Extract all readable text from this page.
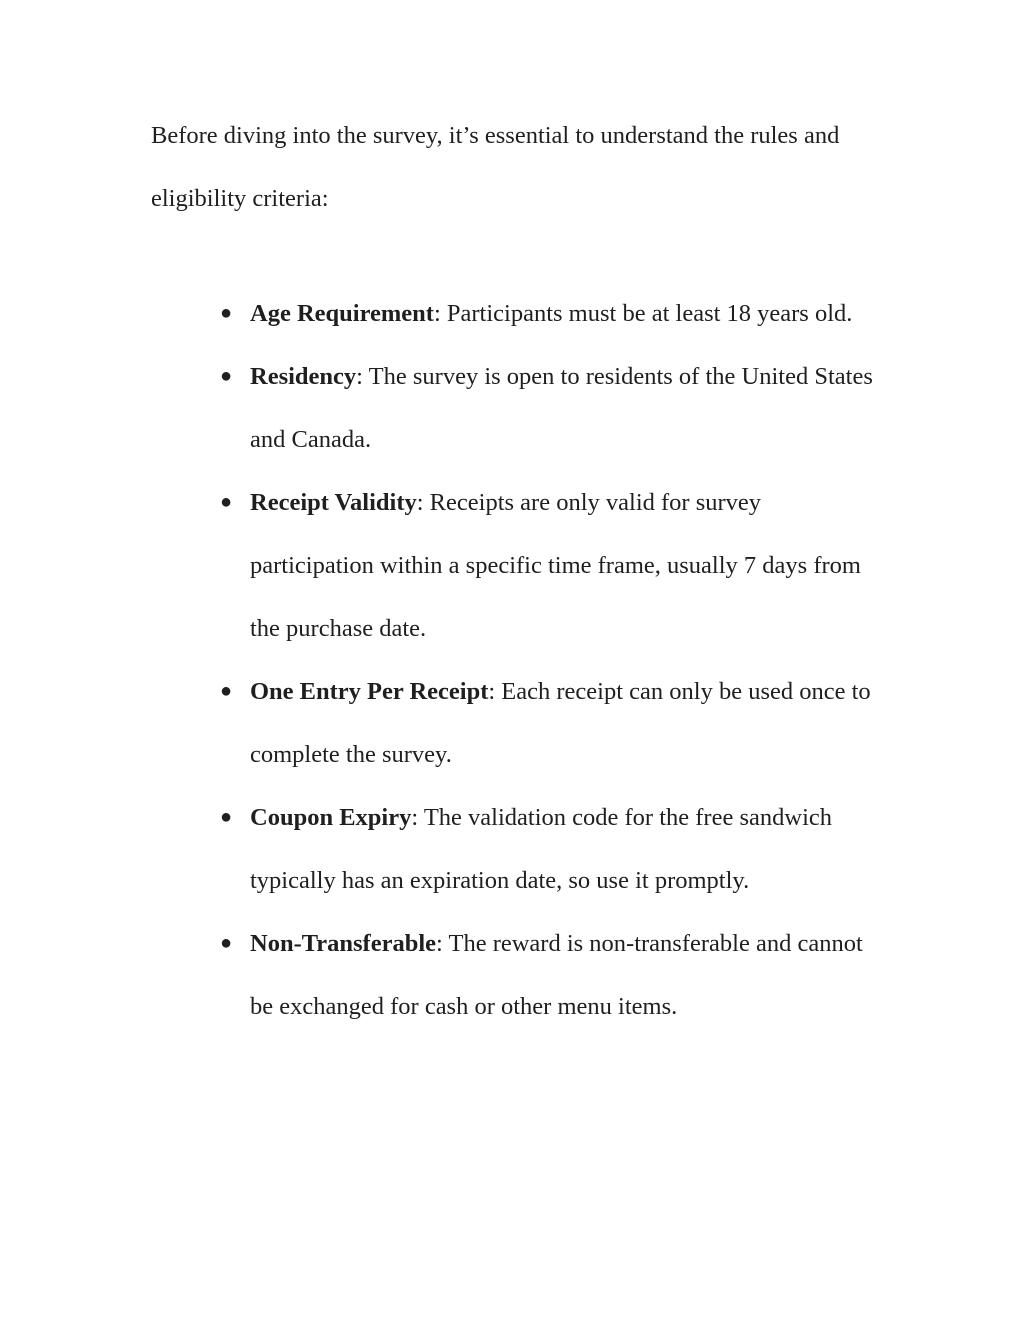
Before diving into the survey, it’s essential to understand the rules and eligibility criteria:

● Age Requirement: Participants must be at least 18 years old.
● Residency: The survey is open to residents of the United States and Canada.
● Receipt Validity: Receipts are only valid for survey participation within a specific time frame, usually 7 days from the purchase date.
● One Entry Per Receipt: Each receipt can only be used once to complete the survey.
● Coupon Expiry: The validation code for the free sandwich typically has an expiration date, so use it promptly.
● Non-Transferable: The reward is non-transferable and cannot be exchanged for cash or other menu items.
